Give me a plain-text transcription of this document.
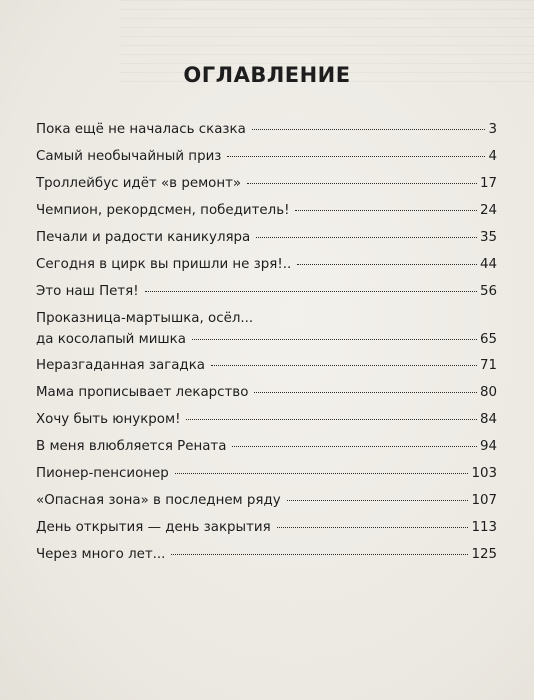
ОГЛАВЛЕНИЕ
Пока ещё не началась сказка	3
Самый необычайный приз	4
Троллейбус идёт «в ремонт»	17
Чемпион, рекордсмен, победитель!	24
Печали и радости каникуляра	35
Сегодня в цирк вы пришли не зря!..	44
Это наш Петя!	56
Проказница-мартышка, осёл...
да косолапый мишка	65
Неразгаданная загадка	71
Мама прописывает лекарство	80
Хочу быть юнукром!	84
В меня влюбляется Рената	94
Пионер-пенсионер	103
«Опасная зона» в последнем ряду	107
День открытия — день закрытия	113
Через много лет...	125
